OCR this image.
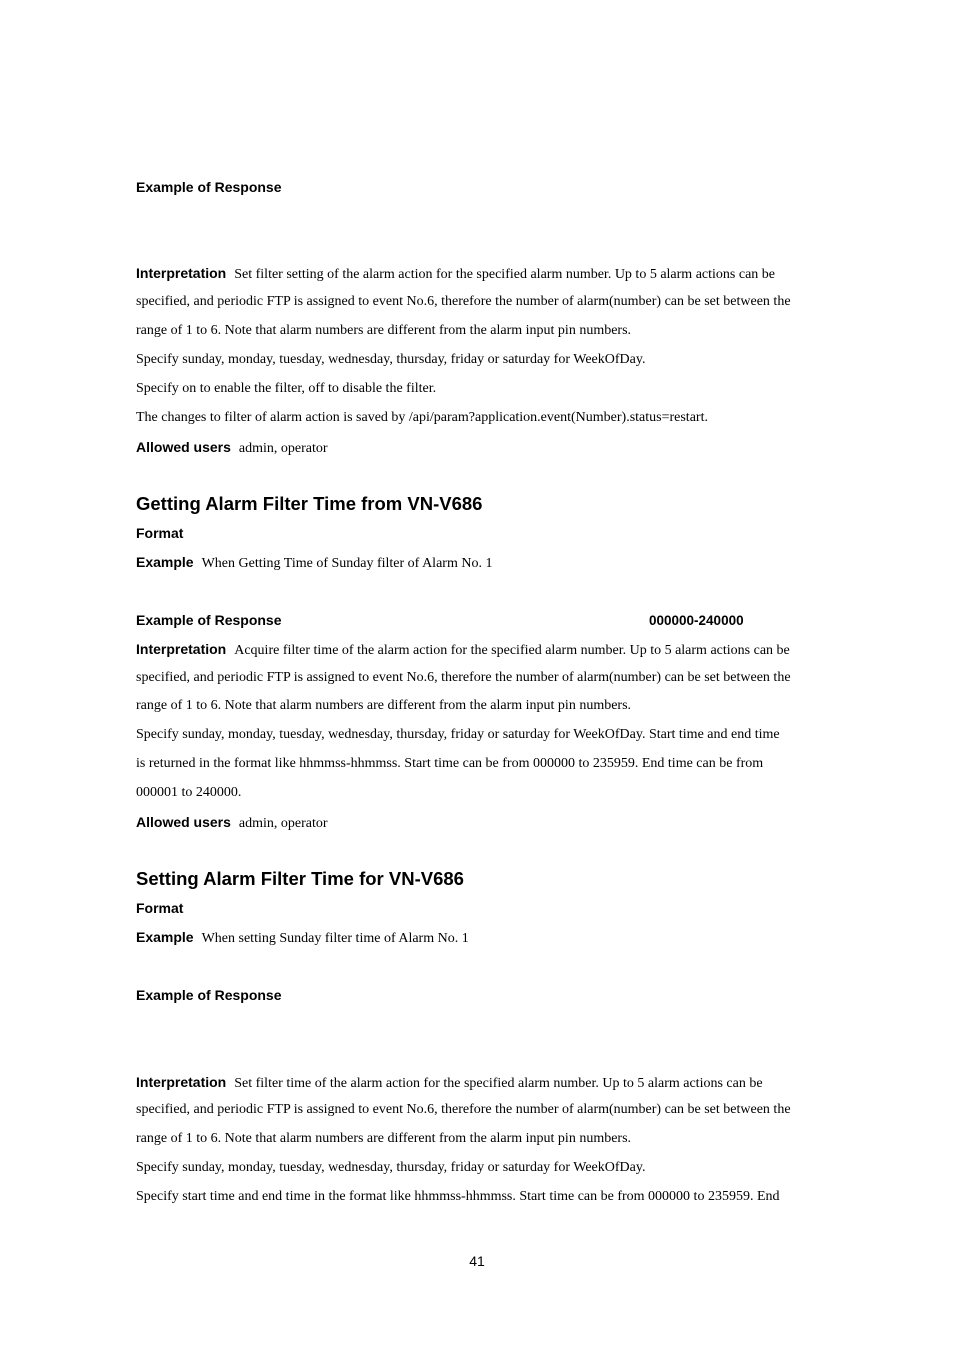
Example of Response
Interpretation Set filter setting of the alarm action for the specified alarm number. Up to 5 alarm actions can be
specified, and periodic FTP is assigned to event No.6, therefore the number of alarm(number) can be set between the
range of 1 to 6. Note that alarm numbers are different from the alarm input pin numbers.
Specify sunday, monday, tuesday, wednesday, thursday, friday or saturday for WeekOfDay.
Specify on to enable the filter, off to disable the filter.
The changes to filter of alarm action is saved by /api/param?application.event(Number).status=restart.
Allowed users admin, operator
Getting Alarm Filter Time from VN-V686
Format
Example When Getting Time of Sunday filter of Alarm No. 1
Example of Response	000000-240000
Interpretation Acquire filter time of the alarm action for the specified alarm number. Up to 5 alarm actions can be
specified, and periodic FTP is assigned to event No.6, therefore the number of alarm(number) can be set between the
range of 1 to 6. Note that alarm numbers are different from the alarm input pin numbers.
Specify sunday, monday, tuesday, wednesday, thursday, friday or saturday for WeekOfDay. Start time and end time
is returned in the format like hhmmss-hhmmss. Start time can be from 000000 to 235959. End time can be from
000001 to 240000.
Allowed users admin, operator
Setting Alarm Filter Time for VN-V686
Format
Example When setting Sunday filter time of Alarm No. 1
Example of Response
Interpretation Set filter time of the alarm action for the specified alarm number. Up to 5 alarm actions can be
specified, and periodic FTP is assigned to event No.6, therefore the number of alarm(number) can be set between the
range of 1 to 6. Note that alarm numbers are different from the alarm input pin numbers.
Specify sunday, monday, tuesday, wednesday, thursday, friday or saturday for WeekOfDay.
Specify start time and end time in the format like hhmmss-hhmmss. Start time can be from 000000 to 235959. End
41
